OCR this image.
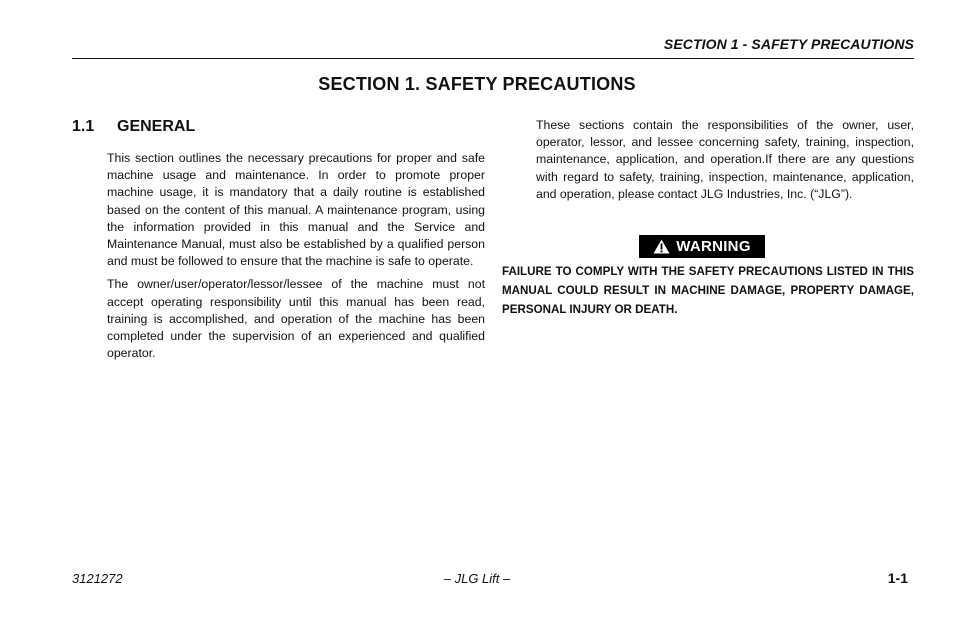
SECTION 1 - SAFETY PRECAUTIONS
SECTION 1. SAFETY PRECAUTIONS
1.1 GENERAL

This section outlines the necessary precautions for proper and safe machine usage and maintenance. In order to promote proper machine usage, it is mandatory that a daily routine is established based on the content of this manual. A maintenance program, using the information provided in this manual and the Service and Maintenance Manual, must also be established by a qualified person and must be followed to ensure that the machine is safe to operate.

The owner/user/operator/lessor/lessee of the machine must not accept operating responsibility until this manual has been read, training is accomplished, and operation of the machine has been completed under the supervision of an experienced and qualified operator.

These sections contain the responsibilities of the owner, user, operator, lessor, and lessee concerning safety, training, inspection, maintenance, application, and operation.If there are any questions with regard to safety, training, inspection, maintenance, application, and operation, please contact JLG Industries, Inc. (“JLG”).

WARNING
FAILURE TO COMPLY WITH THE SAFETY PRECAUTIONS LISTED IN THIS MANUAL COULD RESULT IN MACHINE DAMAGE, PROPERTY DAMAGE, PERSONAL INJURY OR DEATH.
3121272	– JLG Lift –	1-1
